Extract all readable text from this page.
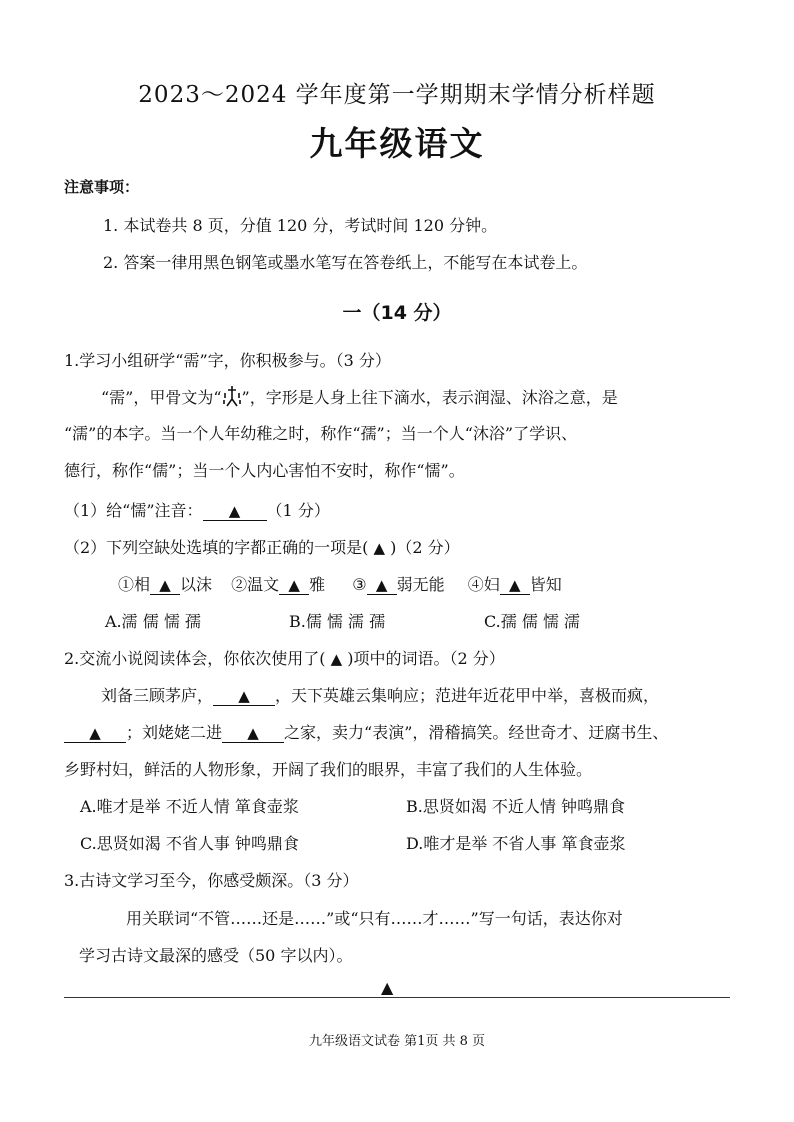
2023～2024 学年度第一学期期末学情分析样题
九年级语文
注意事项：
1. 本试卷共 8 页，分值 120 分，考试时间 120 分钟。
2. 答案一律用黑色钢笔或墨水笔写在答卷纸上，不能写在本试卷上。
一（14 分）
1.学习小组研学“需”字，你积极参与。（3 分）
“需”，甲骨文为“ ”，字形是人身上往下滴水，表示润湿、沐浴之意，是
“濡”的本字。当一个人年幼稚之时，称作“孺”；当一个人“沐浴”了学识、
德行，称作“儒”；当一个人内心害怕不安时，称作“懦”。
（1）给“懦”注音： ▲ （1 分）
（2）下列空缺处选填的字都正确的一项是( ▲ )（2 分）
①相 ▲ 以沫 ②温文 ▲ 雅 ③ ▲ 弱无能 ④妇 ▲ 皆知
A.濡 儒 懦 孺	B.儒 懦 濡 孺	C.孺 儒 懦 濡
2.交流小说阅读体会，你依次使用了( ▲ )项中的词语。（2 分）
刘备三顾茅庐， ▲ ，天下英雄云集响应；范进年近花甲中举，喜极而疯，
▲ ；刘姥姥二进 ▲ 之家，卖力“表演”，滑稽搞笑。经世奇才、迂腐书生、
乡野村妇，鲜活的人物形象，开阔了我们的眼界，丰富了我们的人生体验。
A.唯才是举 不近人情 箪食壶浆	B.思贤如渴 不近人情 钟鸣鼎食
C.思贤如渴 不省人事 钟鸣鼎食	D.唯才是举 不省人事 箪食壶浆
3.古诗文学习至今，你感受颇深。（3 分）
用关联词“不管……还是……”或“只有……才……”写一句话，表达你对
学习古诗文最深的感受（50 字以内）。
▲
九年级语文试卷 第1页 共 8 页
